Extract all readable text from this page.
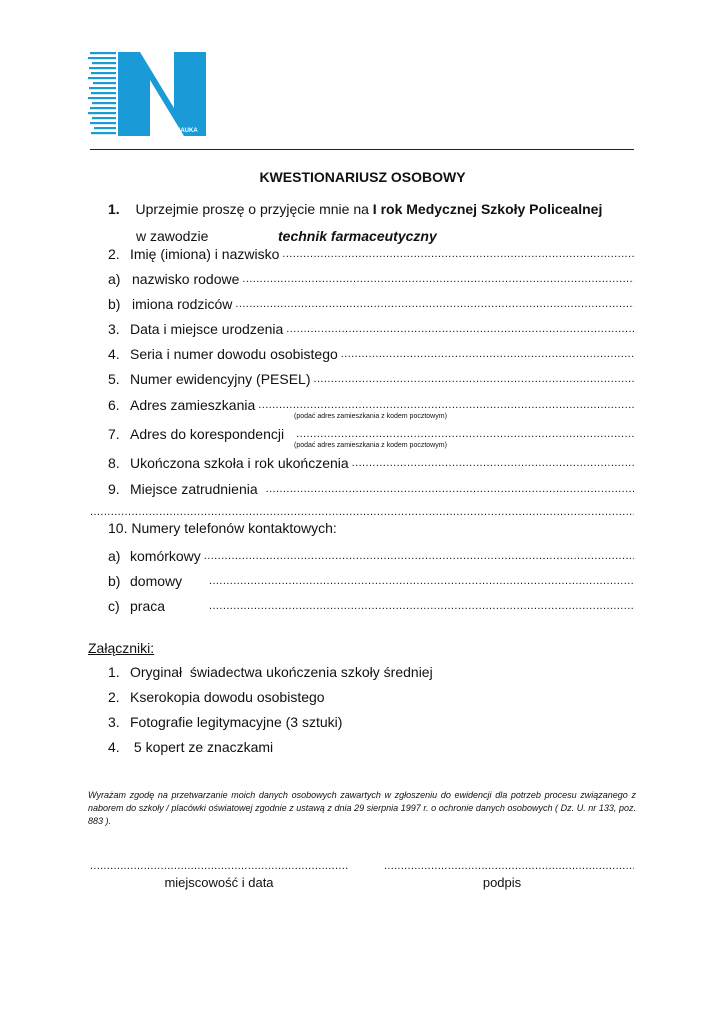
NAUKA
KWESTIONARIUSZ OSOBOWY
1. Uprzejmie proszę o przyjęcie mnie na I rok Medycznej Szkoły Policealnej
w zawodzie	technik farmaceutyczny
2. Imię (imiona) i nazwisko
.....
a) nazwisko rodowe
.....
b) imiona rodziców
.....
3. Data i miejsce urodzenia
.....
4. Seria i numer dowodu osobistego
.....
5. Numer ewidencyjny (PESEL)
.....
6. Adres zamieszkania
.....
(podać adres zamieszkania z kodem pocztowym)
7. Adres do korespondencji
.....
(podać adres zamieszkania z kodem pocztowym)
8. Ukończona szkoła i rok ukończenia
.....
9. Miejsce zatrudnienia
.....
.....
10. Numery telefonów kontaktowych:
a) komórkowy
.....
b) domowy
.....
c) praca
.....
Załączniki:
1. Oryginał  świadectwa ukończenia szkoły średniej
2. Kserokopia dowodu osobistego
3. Fotografie legitymacyjne (3 sztuki)
4. 5 kopert ze znaczkami
Wyrażam zgodę na przetwarzanie moich danych osobowych zawartych w zgłoszeniu do ewidencji dla potrzeb procesu związanego z naborem do szkoły / placówki oświatowej zgodnie z ustawą z dnia 29 sierpnia 1997 r. o ochronie danych osobowych ( Dz. U. nr 133, poz. 883 ).
.....
.....
miejscowość i data	podpis
